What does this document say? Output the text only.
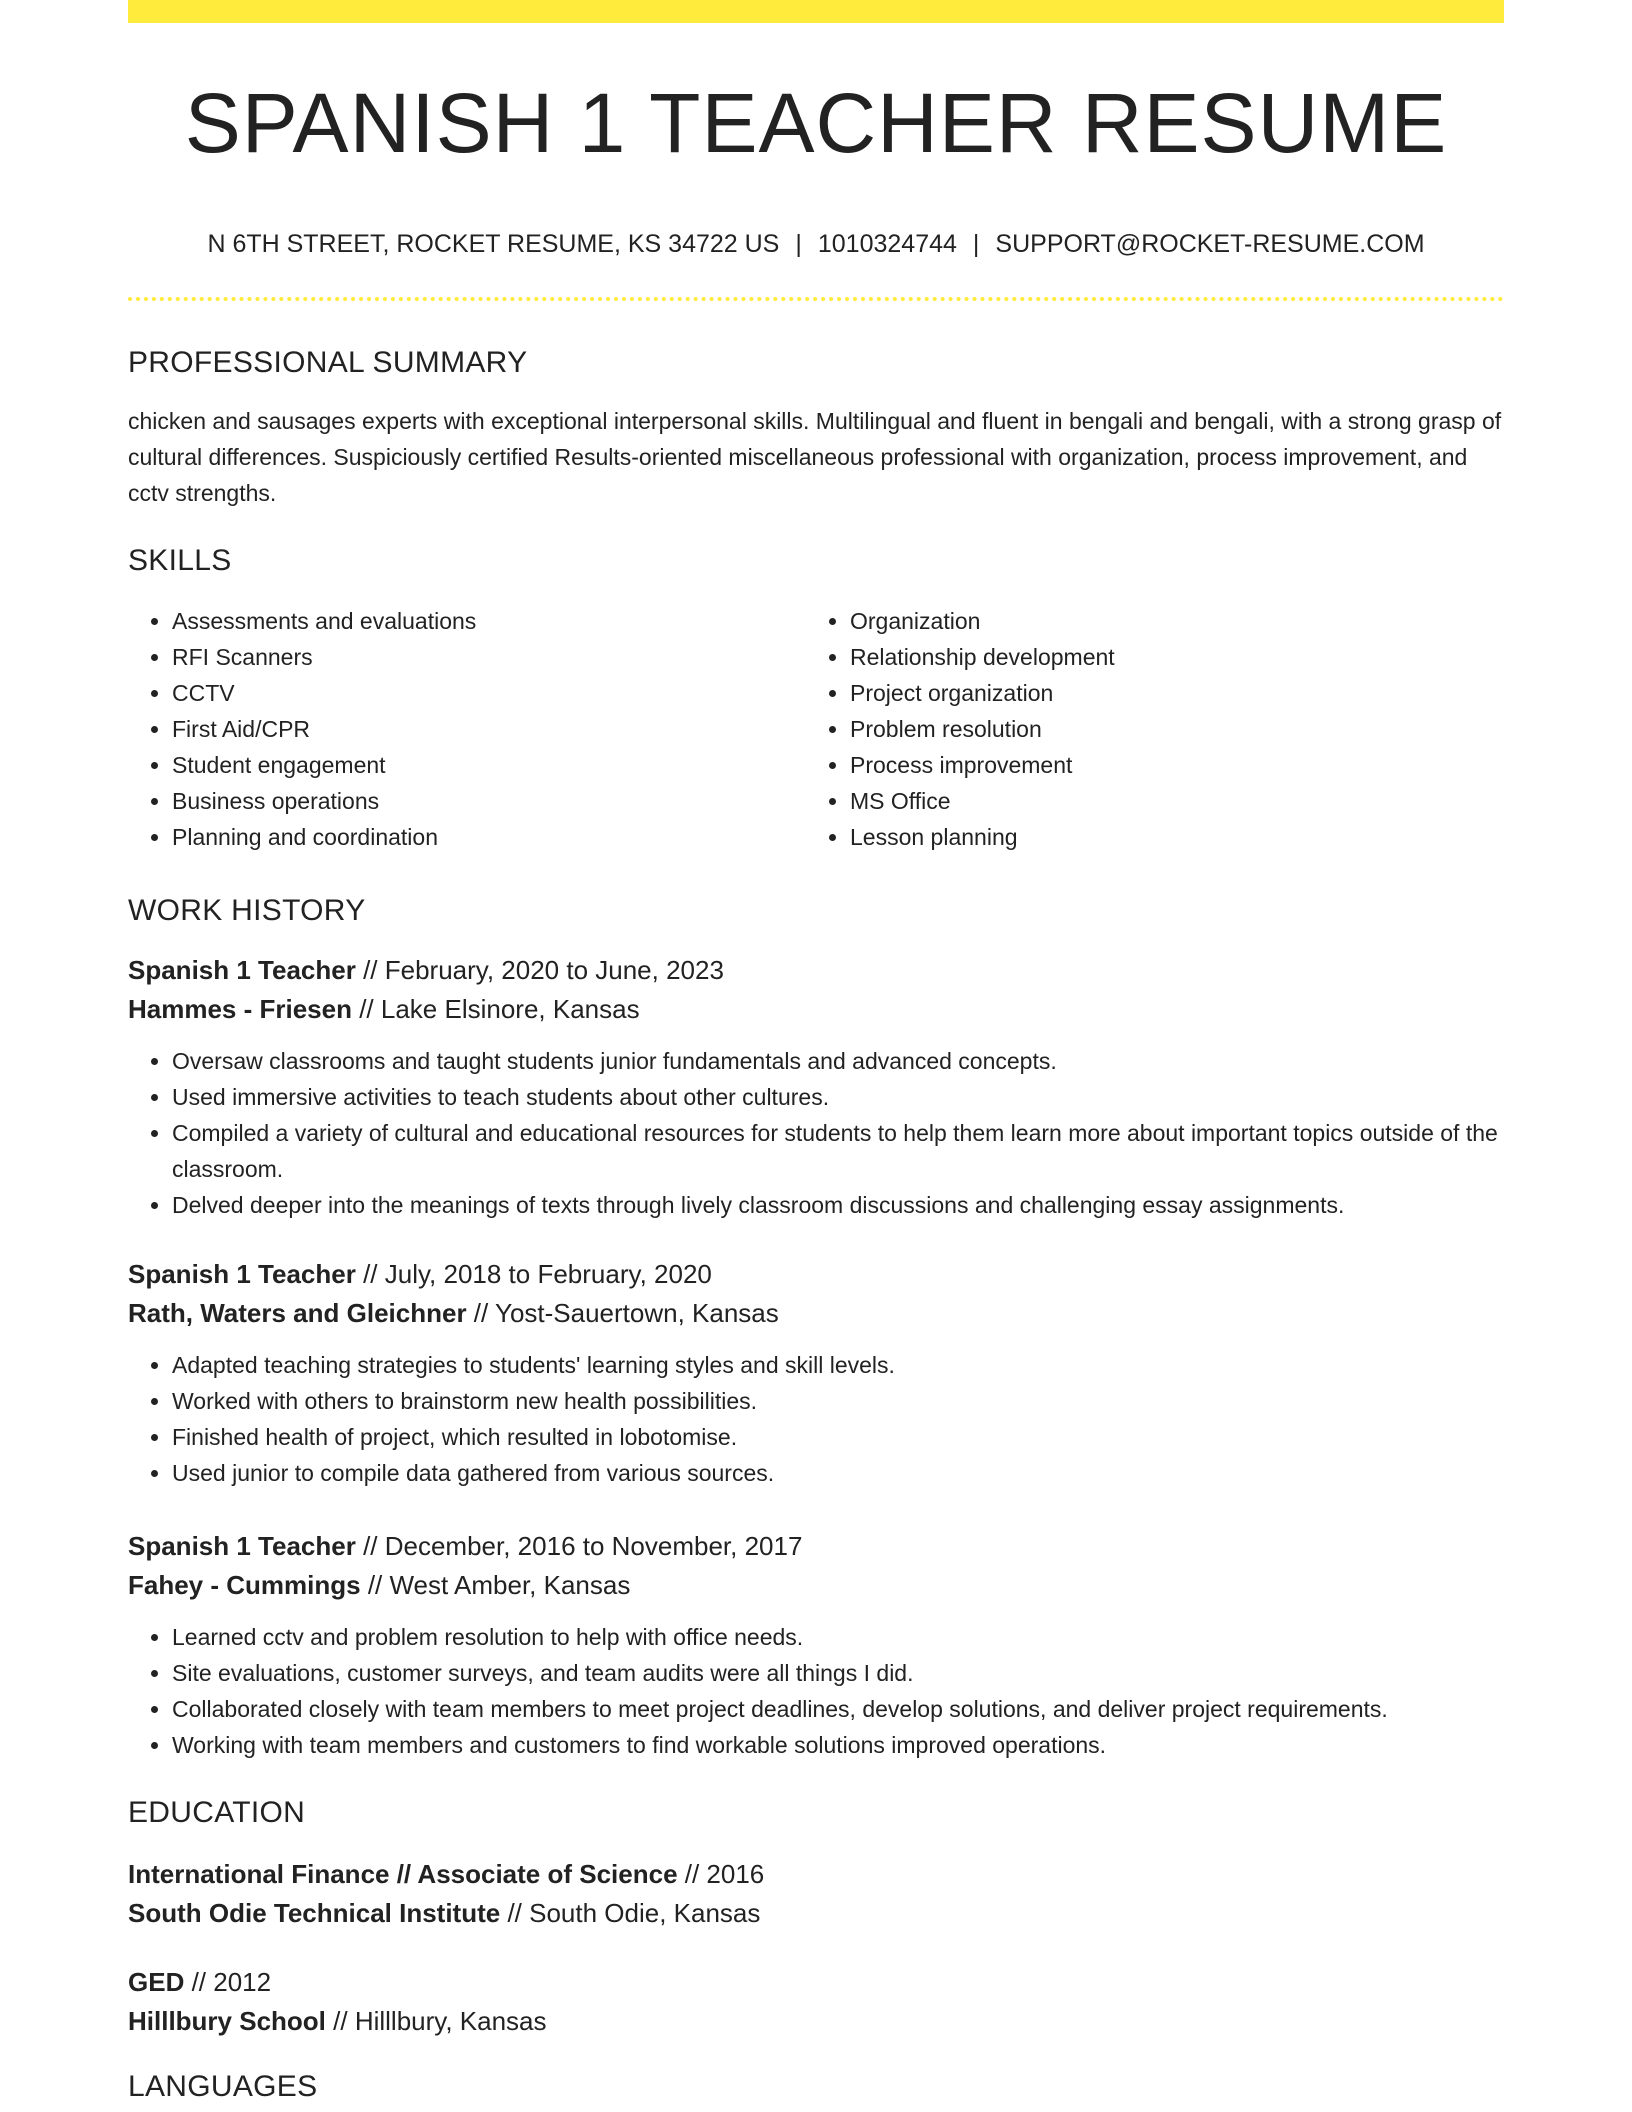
SPANISH 1 TEACHER RESUME
N 6TH STREET, ROCKET RESUME, KS 34722 US | 1010324744 | SUPPORT@ROCKET-RESUME.COM
PROFESSIONAL SUMMARY

chicken and sausages experts with exceptional interpersonal skills. Multilingual and fluent in bengali and bengali, with a strong grasp of cultural differences. Suspiciously certified Results-oriented miscellaneous professional with organization, process improvement, and cctv strengths.

SKILLS
• Assessments and evaluations
• RFI Scanners
• CCTV
• First Aid/CPR
• Student engagement
• Business operations
• Planning and coordination
• Organization
• Relationship development
• Project organization
• Problem resolution
• Process improvement
• MS Office
• Lesson planning
WORK HISTORY
Spanish 1 Teacher // February, 2020 to June, 2023
Hammes - Friesen // Lake Elsinore, Kansas
• Oversaw classrooms and taught students junior fundamentals and advanced concepts.
• Used immersive activities to teach students about other cultures.
• Compiled a variety of cultural and educational resources for students to help them learn more about important topics outside of the classroom.
• Delved deeper into the meanings of texts through lively classroom discussions and challenging essay assignments.
Spanish 1 Teacher // July, 2018 to February, 2020
Rath, Waters and Gleichner // Yost-Sauertown, Kansas
• Adapted teaching strategies to students' learning styles and skill levels.
• Worked with others to brainstorm new health possibilities.
• Finished health of project, which resulted in lobotomise.
• Used junior to compile data gathered from various sources.
Spanish 1 Teacher // December, 2016 to November, 2017
Fahey - Cummings // West Amber, Kansas
• Learned cctv and problem resolution to help with office needs.
• Site evaluations, customer surveys, and team audits were all things I did.
• Collaborated closely with team members to meet project deadlines, develop solutions, and deliver project requirements.
• Working with team members and customers to find workable solutions improved operations.
EDUCATION
International Finance // Associate of Science // 2016
South Odie Technical Institute // South Odie, Kansas
GED // 2012
Hilllbury School // Hilllbury, Kansas
LANGUAGES
